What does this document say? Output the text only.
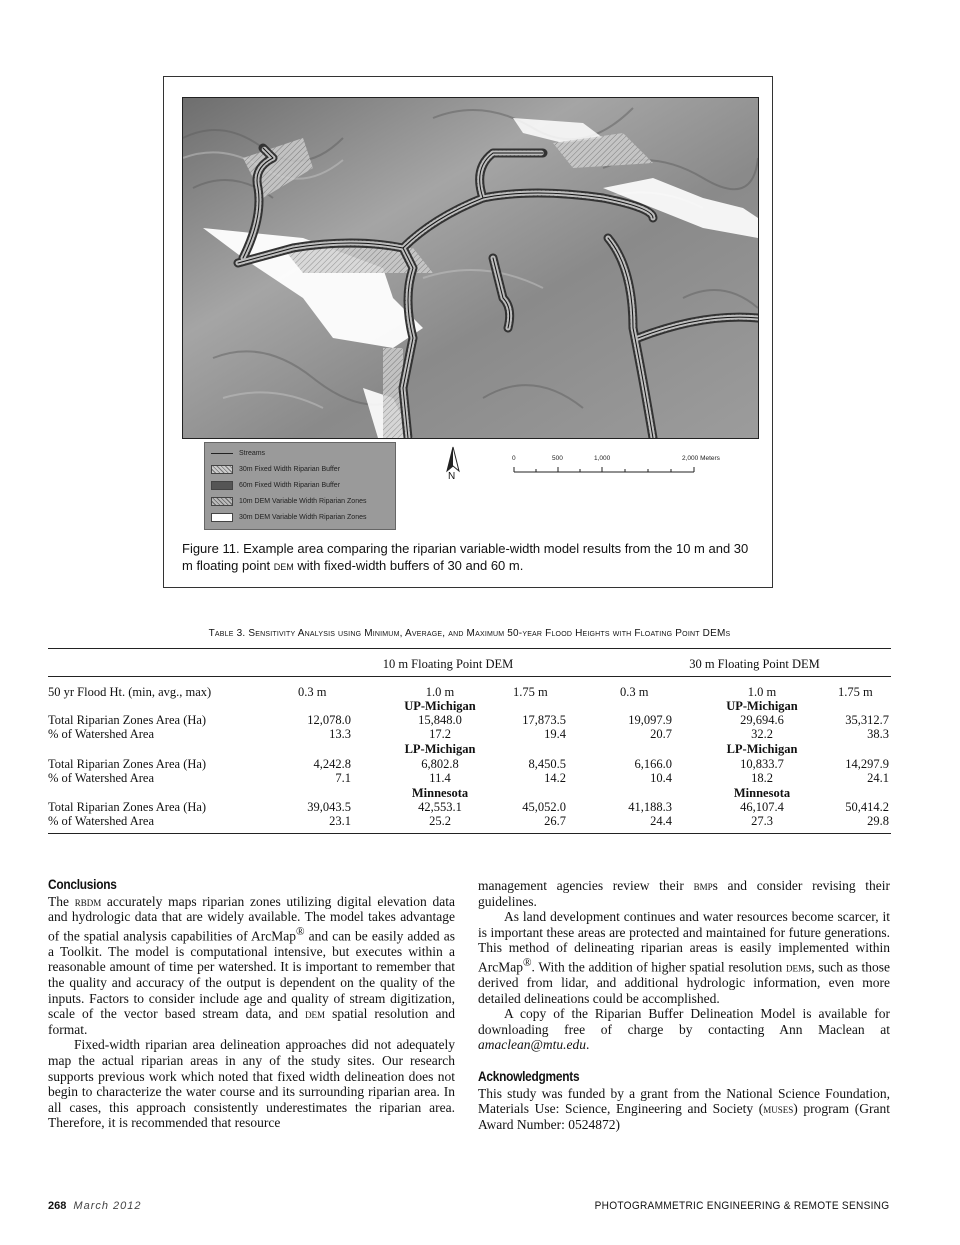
Streams
30m Fixed Width Riparian Buffer
60m Fixed Width Riparian Buffer
10m DEM Variable Width Riparian Zones
30m DEM Variable Width Riparian Zones
N
0	500	1,000	2,000 Meters
Figure 11. Example area comparing the riparian variable-width model results from the 10 m and 30 m floating point dem with fixed-width buffers of 30 and 60 m.
Table 3. Sensitivity Analysis using Minimum, Average, and Maximum 50-year Flood Heights with Floating Point DEMs
10 m Floating Point DEM	30 m Floating Point DEM
50 yr Flood Ht. (min, avg., max)	0.3 m	1.0 m	1.75 m	0.3 m	1.0 m	1.75 m
UP-Michigan	UP-Michigan
Total Riparian Zones Area (Ha)	12,078.0	15,848.0	17,873.5	19,097.9	29,694.6	35,312.7
% of Watershed Area	13.3	17.2	19.4	20.7	32.2	38.3
LP-Michigan	LP-Michigan
Total Riparian Zones Area (Ha)	4,242.8	6,802.8	8,450.5	6,166.0	10,833.7	14,297.9
% of Watershed Area	7.1	11.4	14.2	10.4	18.2	24.1
Minnesota	Minnesota
Total Riparian Zones Area (Ha)	39,043.5	42,553.1	45,052.0	41,188.3	46,107.4	50,414.2
% of Watershed Area	23.1	25.2	26.7	24.4	27.3	29.8
Conclusions

The rbdm accurately maps riparian zones utilizing digital elevation data and hydrologic data that are widely available. The model takes advantage of the spatial analysis capabilities of ArcMap® and can be easily added as a Toolkit. The model is computational intensive, but executes within a reasonable amount of time per watershed. It is important to remember that the quality and accuracy of the output is dependent on the quality of the inputs. Factors to consider include age and quality of stream digitization, scale of the vector based stream data, and dem spatial resolution and format.

Fixed-width riparian area delineation approaches did not adequately map the actual riparian areas in any of the study sites. Our research supports previous work which noted that fixed width delineation does not begin to characterize the water course and its surrounding riparian area. In all cases, this approach consistently underestimates the riparian area. Therefore, it is recommended that resource

management agencies review their bmps and consider revising their guidelines.

As land development continues and water resources become scarcer, it is important these areas are protected and maintained for future generations. This method of delineating riparian areas is easily implemented within ArcMap®. With the addition of higher spatial resolution dems, such as those derived from lidar, and additional hydrologic information, even more detailed delineations could be accomplished.

A copy of the Riparian Buffer Delineation Model is available for downloading free of charge by contacting Ann Maclean at amaclean@mtu.edu.

Acknowledgments

This study was funded by a grant from the National Science Foundation, Materials Use: Science, Engineering and Society (muses) program (Grant Award Number: 0524872)

268 March 2012	PHOTOGRAMMETRIC ENGINEERING & REMOTE SENSING
